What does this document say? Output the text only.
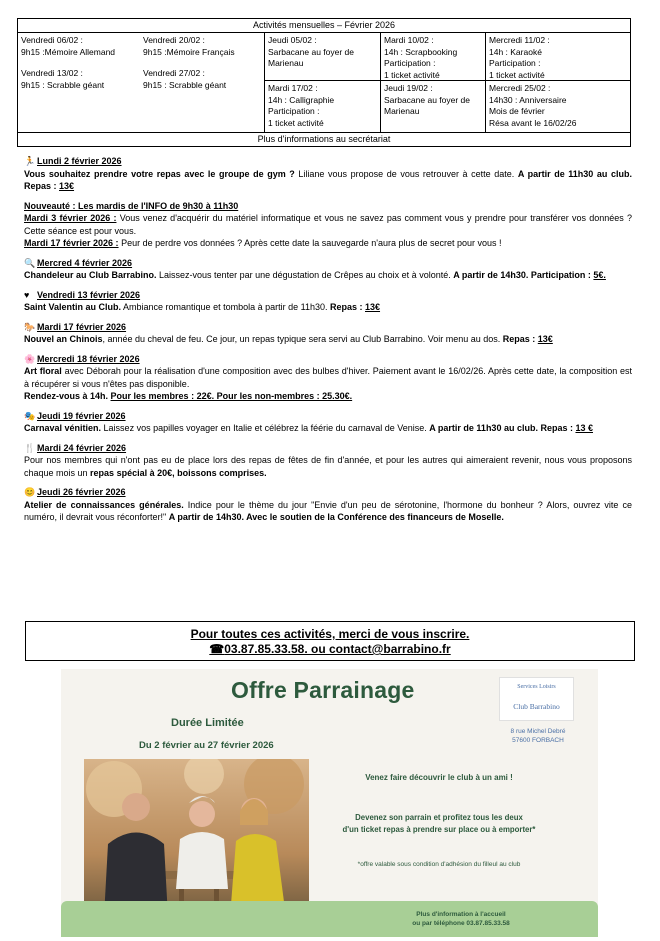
Activités mensuelles – Février 2026
Vendredi 06/02 :
9h15 :Mémoire Allemand
Vendredi 13/02 :
9h15 : Scrabble géant
Vendredi 20/02 :
9h15 :Mémoire Français
Vendredi 27/02 :
9h15 : Scrabble géant
Jeudi 05/02 :
Sarbacane au foyer de
Marienau
Mardi 10/02 :
14h : Scrapbooking
Participation :
1 ticket activité
Mercredi 11/02 :
14h : Karaoké
Participation :
1 ticket activité
Mardi 17/02 :
14h : Calligraphie
Participation :
1 ticket activité
Jeudi 19/02 :
Sarbacane au foyer de
Marienau
Mercredi 25/02 :
14h30 : Anniversaire
Mois de février
Résa avant le 16/02/26
Plus d'informations au secrétariat
🏃 Lundi 2 février 2026
Vous souhaitez prendre votre repas avec le groupe de gym ? Liliane vous propose de vous retrouver à cette date. A partir de 11h30 au club. Repas : 13€
Nouveauté : Les mardis de l'INFO de 9h30 à 11h30
Mardi 3 février 2026 : Vous venez d'acquérir du matériel informatique et vous ne savez pas comment vous y prendre pour transférer vos données ? Cette séance est pour vous.
Mardi 17 février 2026 : Peur de perdre vos données ? Après cette date la sauvegarde n'aura plus de secret pour vous !
🔍 Mercred 4 février 2026
Chandeleur au Club Barrabino. Laissez-vous tenter par une dégustation de Crêpes au choix et à volonté. A partir de 14h30. Participation : 5€.
♥ Vendredi 13 février 2026
Saint Valentin au Club. Ambiance romantique et tombola à partir de 11h30. Repas : 13€
🐎 Mardi 17 février 2026
Nouvel an Chinois, année du cheval de feu. Ce jour, un repas typique sera servi au Club Barrabino. Voir menu au dos. Repas : 13€
🌸 Mercredi 18 février 2026
Art floral avec Déborah pour la réalisation d'une composition avec des bulbes d'hiver. Paiement avant le 16/02/26. Après cette date, la composition est à récupérer si vous n'êtes pas disponible.
Rendez-vous à 14h. Pour les membres : 22€. Pour les non-membres : 25.30€.
🎭 Jeudi 19 février 2026
Carnaval vénitien. Laissez vos papilles voyager en Italie et célébrez la féérie du carnaval de Venise. A partir de 11h30 au club. Repas : 13 €
🍴 Mardi 24 février 2026
Pour nos membres qui n'ont pas eu de place lors des repas de fêtes de fin d'année, et pour les autres qui aimeraient revenir, nous vous proposons chaque mois un repas spécial à 20€, boissons comprises.
😊 Jeudi 26 février 2026
Atelier de connaissances générales. Indice pour le thème du jour "Envie d'un peu de sérotonine, l'hormone du bonheur ? Alors, ouvrez vite ce numéro, il devrait vous réconforter!" A partir de 14h30. Avec le soutien de la Conférence des financeurs de Moselle.
Pour toutes ces activités, merci de vous inscrire.
☎03.87.85.33.58. ou contact@barrabino.fr
Offre Parrainage
Durée Limitée
Du 2 février au 27 février 2026
Services Loisirs
Club Barrabino
8 rue Michel Debré
57600 FORBACH
Venez faire découvrir le club à un ami !
Devenez son parrain et profitez tous les deux
d'un ticket repas à prendre sur place ou à emporter*
*offre valable sous condition d'adhésion du filleul au club
Plus d'information à l'accueil
ou par téléphone 03.87.85.33.58
